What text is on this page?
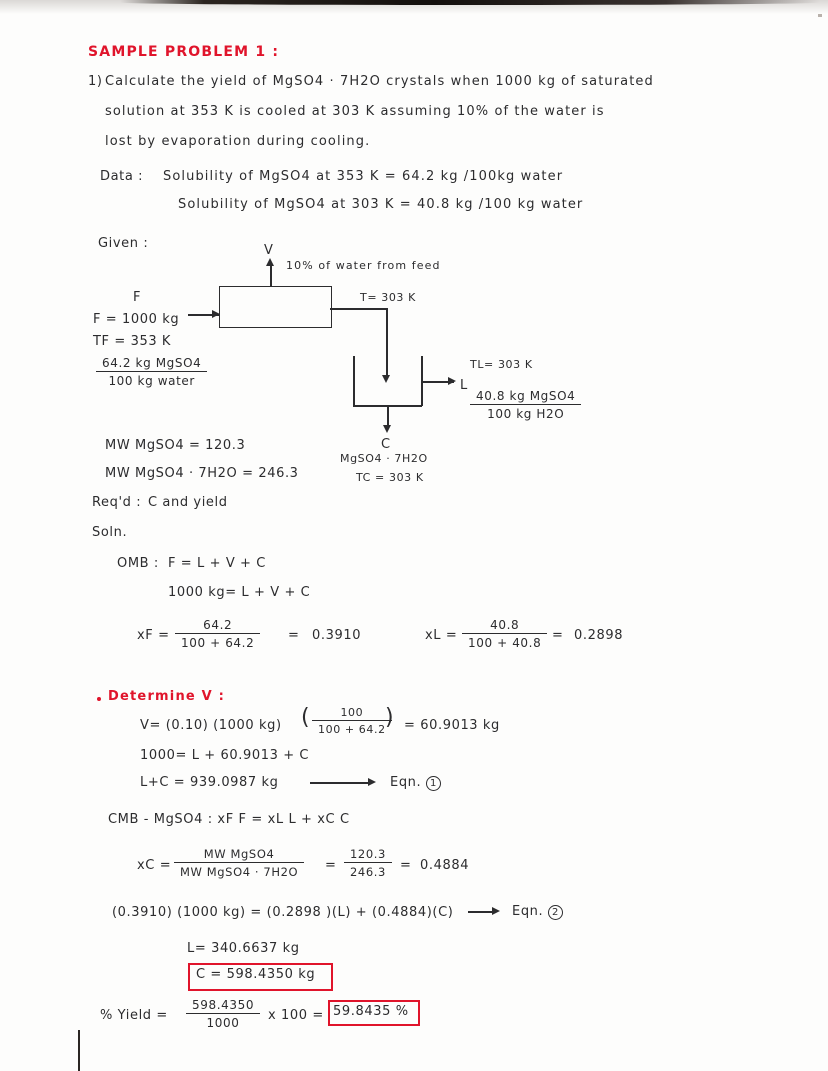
SAMPLE PROBLEM 1 :
1) Calculate the yield of MgSO4 · 7H2O crystals when 1000 kg of saturated
solution at 353 K is cooled at 303 K assuming 10% of the water is
lost by evaporation during cooling.
Data : Solubility of MgSO4 at 353 K = 64.2 kg /100kg water
Solubility of MgSO4 at 303 K = 40.8 kg /100 kg water
Given :
F
F = 1000 kg
TF = 353 K
64.2 kg MgSO4
100 kg water
V
10% of water from feed
T= 303 K
TL= 303 K
L
40.8 kg MgSO4
100 kg H2O
C
MgSO4 · 7H2O
TC = 303 K
MW MgSO4 = 120.3
MW MgSO4 · 7H2O = 246.3
Req'd : C and yield
Soln.
OMB : F = L + V + C
1000 kg= L + V + C
xF = $\frac{64.2}{100 + 64.2} = 0.3910$	xL = $\frac{40.8}{100 + 40.8} = 0.2898$
Determine V :
V= (0.10) (1000 kg) ( $\frac{100}{100 + 64.2}$
) = 60.9013 kg
1000= L + 60.9013 + C
L+C = 939.0987 kg	Eqn. 1
CMB - MgSO4 : xF F = xL L + xC C
xC =
MW MgSO4
MW MgSO4 · 7H2O	= $\frac{120.3}{246.3} = 0.4884$
(0.3910) (1000 kg) = (0.2898 )(L) + (0.4884)(C)	Eqn. 2
L= 340.6637 kg
C = 598.4350 kg
% Yield = $\frac{598.4350}{1000}$ x 100 = 59.8435 %
